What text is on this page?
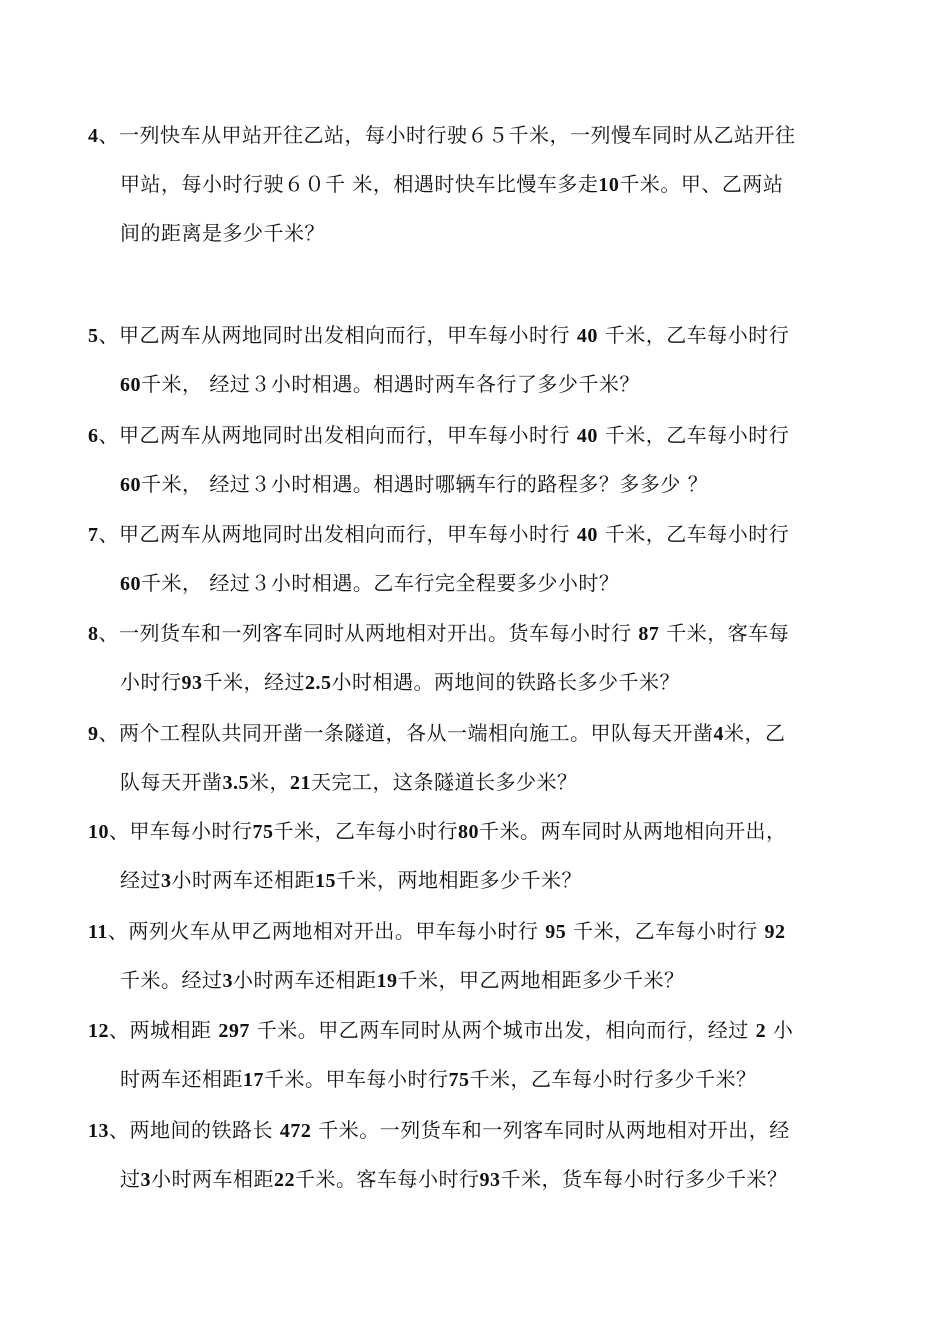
4、一列快车从甲站开往乙站，每小时行驶６５千米，一列慢车同时从乙站开往
甲站，每小时行驶６０千 米，相遇时快车比慢车多走10千米。甲、乙两站
间的距离是多少千米？
5、甲乙两车从两地同时出发相向而行，甲车每小时行 40 千米，乙车每小时行
60千米， 经过３小时相遇。相遇时两车各行了多少千米？
6、甲乙两车从两地同时出发相向而行，甲车每小时行 40 千米，乙车每小时行
60千米， 经过３小时相遇。相遇时哪辆车行的路程多？多多少 ？
7、甲乙两车从两地同时出发相向而行，甲车每小时行 40 千米，乙车每小时行
60千米， 经过３小时相遇。乙车行完全程要多少小时？
8、一列货车和一列客车同时从两地相对开出。货车每小时行 87 千米，客车每
小时行93千米，经过2.5小时相遇。两地间的铁路长多少千米？
9、两个工程队共同开凿一条隧道，各从一端相向施工。甲队每天开凿4米，乙
队每天开凿3.5米，21天完工，这条隧道长多少米？
10、甲车每小时行75千米，乙车每小时行80千米。两车同时从两地相向开出，
经过3小时两车还相距15千米，两地相距多少千米？
11、两列火车从甲乙两地相对开出。甲车每小时行 95 千米，乙车每小时行 92
千米。经过3小时两车还相距19千米，甲乙两地相距多少千米？
12、两城相距 297 千米。甲乙两车同时从两个城市出发，相向而行，经过 2 小
时两车还相距17千米。甲车每小时行75千米，乙车每小时行多少千米？
13、两地间的铁路长 472 千米。一列货车和一列客车同时从两地相对开出，经
过3小时两车相距22千米。客车每小时行93千米，货车每小时行多少千米？
